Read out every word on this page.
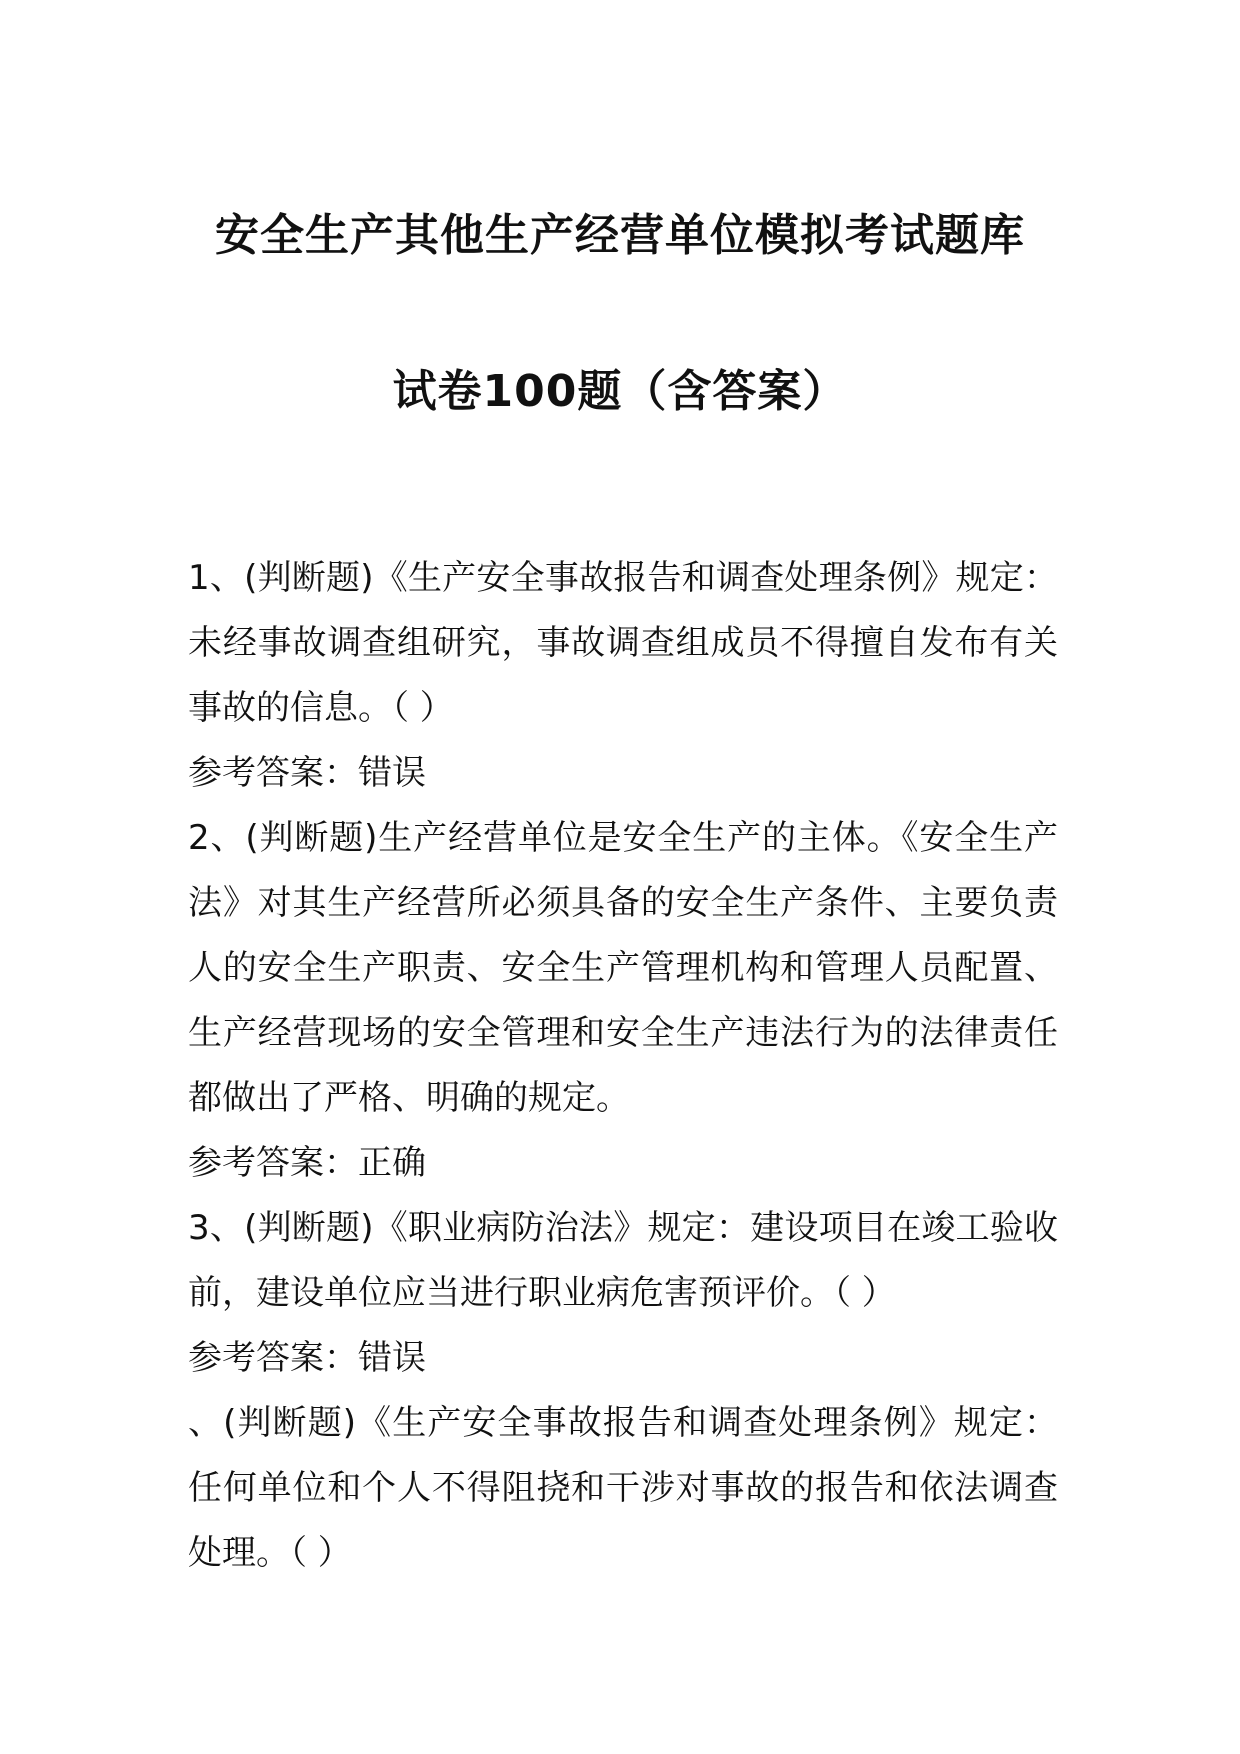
安全生产其他生产经营单位模拟考试题库
试卷100题（含答案）

1、(判断题)《生产安全事故报告和调查处理条例》规定：未经事故调查组研究，事故调查组成员不得擅自发布有关事故的信息。（ ）

参考答案：错误

2、(判断题)生产经营单位是安全生产的主体。《安全生产法》对其生产经营所必须具备的安全生产条件、主要负责人的安全生产职责、安全生产管理机构和管理人员配置、生产经营现场的安全管理和安全生产违法行为的法律责任都做出了严格、明确的规定。

参考答案：正确

3、(判断题)《职业病防治法》规定：建设项目在竣工验收前，建设单位应当进行职业病危害预评价。（ ）

参考答案：错误

、(判断题)《生产安全事故报告和调查处理条例》规定：任何单位和个人不得阻挠和干涉对事故的报告和依法调查处理。（ ）
